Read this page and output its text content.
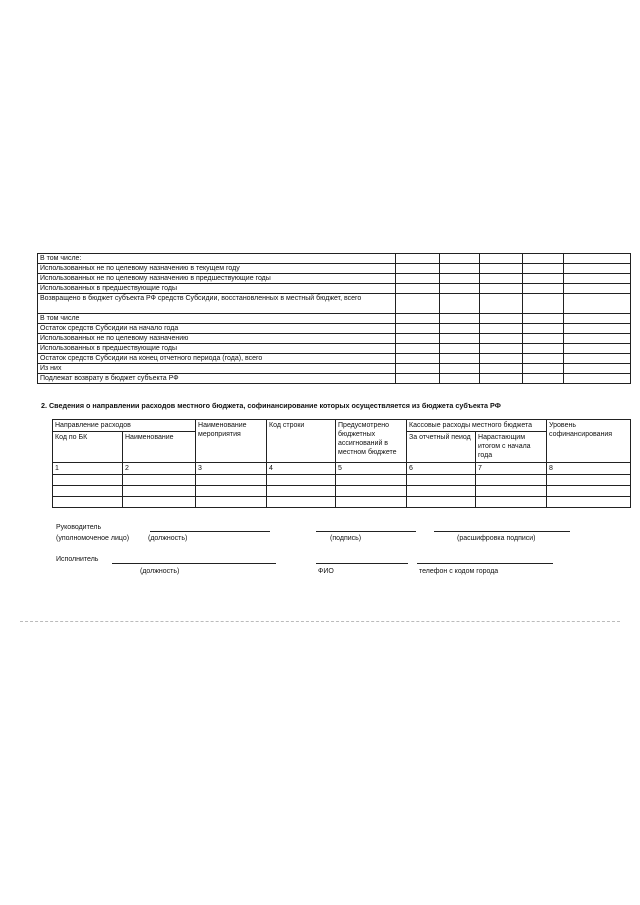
В том числе:					
Использованных не по целевому назначению в текущем году					
Использованных не по целевому назначению в предшествующие годы					
Использованных в предшествующие годы					
Возвращено в бюджет субъекта РФ средств Субсидии, восстановленных в местный бюджет, всего					
В том числе					
Остаток средств Субсидии на начало года					
Использованных не по целевому назначению					
Использованных в предшествующие годы					
Остаток средств Субсидии на конец отчетного периода (года), всего					
Из них					
Подлежат возврату в бюджет субъекта РФ					
2. Сведения о направлении расходов местного бюджета, софинансирование которых осуществляется из бюджета субъекта РФ
Направление расходов		Наименование мероприятия	Код строки	Предусмотрено бюджетных ассигнований в местном бюджете	Кассовые расходы местного бюджета		Уровень софинансирования
Код по БК	Наименование				За отчетный пеиод	Нарастающим итогом с начала года	
1	2	3	4	5	6	7	8

Руководитель
(уполномоченое лицо)	(должность)	(подпись)	(расшифровка подписи)
Исполнитель
(должность)	ФИО	телефон с кодом города
